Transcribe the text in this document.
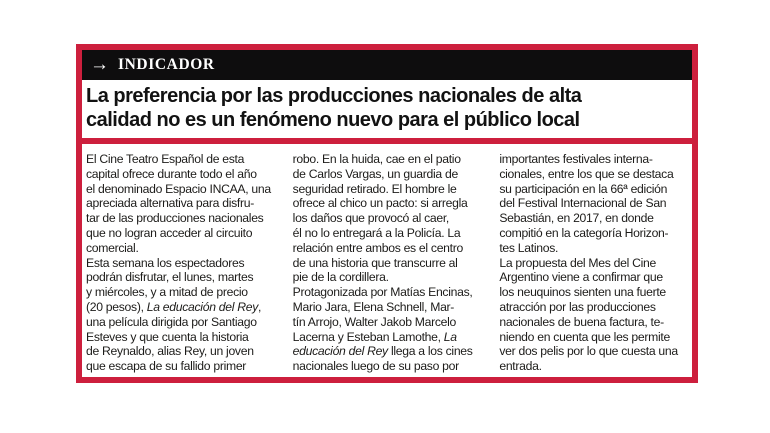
→ INDICADOR
La preferencia por las producciones nacionales de alta
calidad no es un fenómeno nuevo para el público local
El Cine Teatro Español de esta
capital ofrece durante todo el año
el denominado Espacio INCAA, una
apreciada alternativa para disfru-
tar de las producciones nacionales
que no logran acceder al circuito
comercial.
Esta semana los espectadores
podrán disfrutar, el lunes, martes
y miércoles, y a mitad de precio
(20 pesos), La educación del Rey,
una película dirigida por Santiago
Esteves y que cuenta la historia
de Reynaldo, alias Rey, un joven
que escapa de su fallido primer
robo. En la huida, cae en el patio
de Carlos Vargas, un guardia de
seguridad retirado. El hombre le
ofrece al chico un pacto: si arregla
los daños que provocó al caer,
él no lo entregará a la Policía. La
relación entre ambos es el centro
de una historia que transcurre al
pie de la cordillera.
Protagonizada por Matías Encinas,
Mario Jara, Elena Schnell, Mar-
tín Arrojo, Walter Jakob Marcelo
Lacerna y Esteban Lamothe, La
educación del Rey llega a los cines
nacionales luego de su paso por
importantes festivales interna-
cionales, entre los que se destaca
su participación en la 66ª edición
del Festival Internacional de San
Sebastián, en 2017, en donde
compitió en la categoría Horizon-
tes Latinos.
La propuesta del Mes del Cine
Argentino viene a confirmar que
los neuquinos sienten una fuerte
atracción por las producciones
nacionales de buena factura, te-
niendo en cuenta que les permite
ver dos pelis por lo que cuesta una
entrada.
